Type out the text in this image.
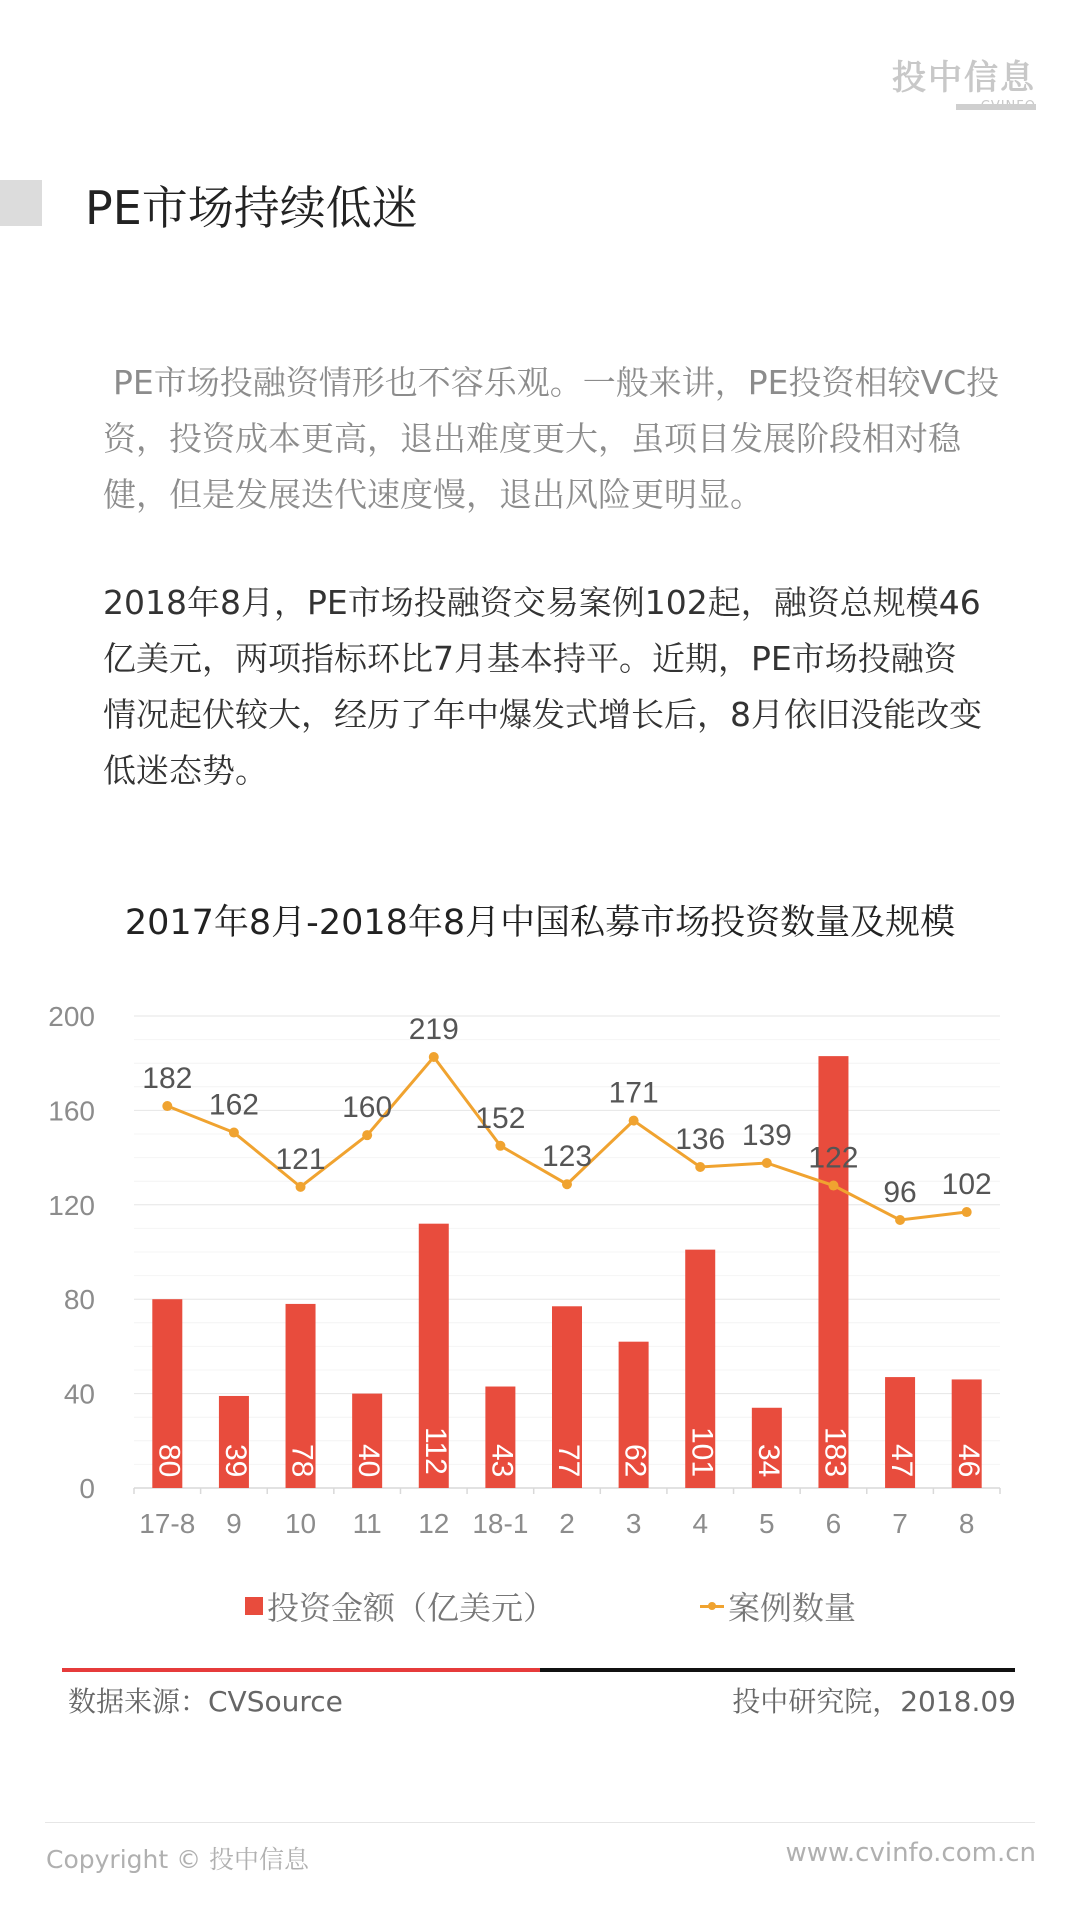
投中信息
PE市场持续低迷
PE市场投融资情形也不容乐观。一般来讲，PE投资相较VC投资，投资成本更高，退出难度更大，虽项目发展阶段相对稳健，但是发展迭代速度慢，退出风险更明显。
2018年8月，PE市场投融资交易案例102起，融资总规模46亿美元，两项指标环比7月基本持平。近期，PE市场投融资情况起伏较大，经历了年中爆发式增长后，8月依旧没能改变低迷态势。
2017年8月-2018年8月中国私募市场投资数量及规模
0
40
80
120
160
200
80 39 78 40 112 43 77 62 101 34 183 47 46
182
162
121
160
219
152
123
171
136 139
122
96 102
17-8 9 10 11 12 18-1 2 3 4 5 6 7 8
投资金额（亿美元）	案例数量
数据来源：CVSource	投中研究院，2018.09
Copyright © 投中信息	www.cvinfo.com.cn
